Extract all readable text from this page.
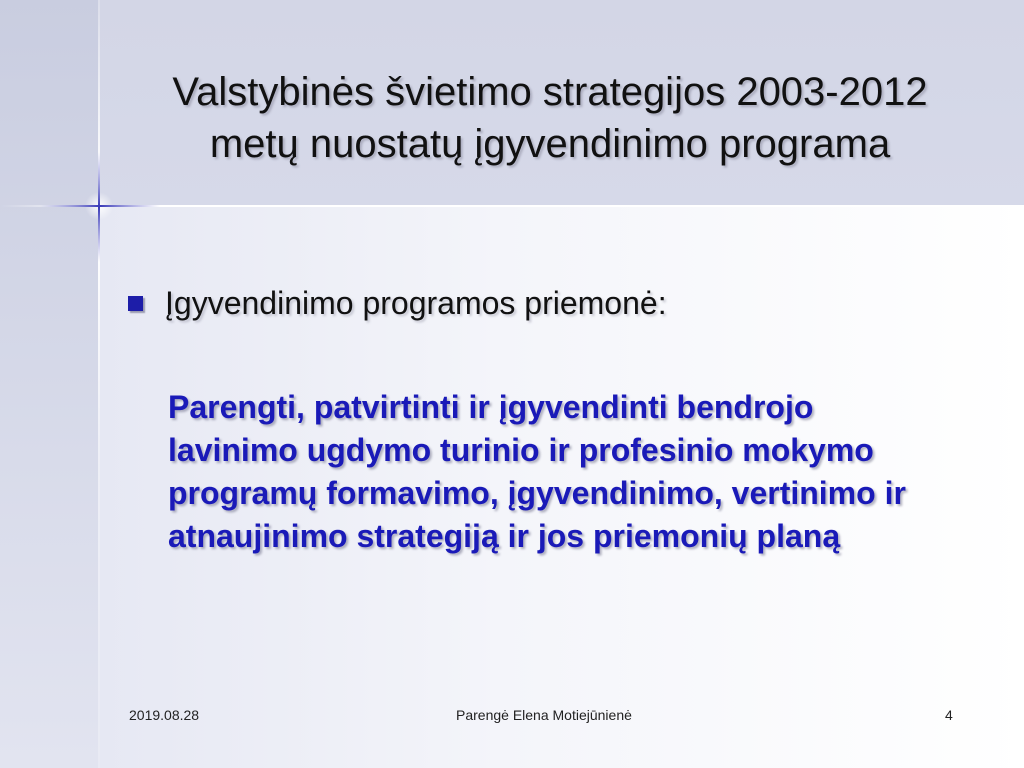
Valstybinės švietimo strategijos 2003-2012
metų nuostatų įgyvendinimo programa
Įgyvendinimo programos priemonė:
Parengti, patvirtinti ir įgyvendinti bendrojo
lavinimo ugdymo turinio ir profesinio mokymo
programų formavimo, įgyvendinimo, vertinimo ir
atnaujinimo strategiją ir jos priemonių planą
2019.08.28	Parengė Elena Motiejūnienė	4
